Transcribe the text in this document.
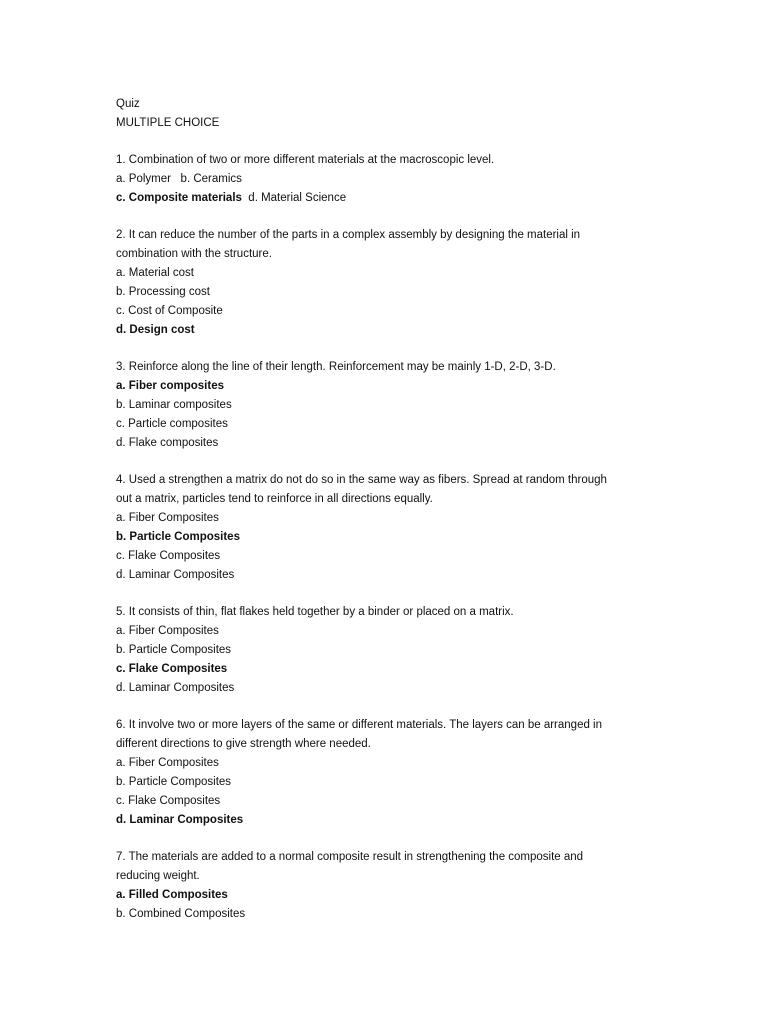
Quiz
MULTIPLE CHOICE
1. Combination of two or more different materials at the macroscopic level.
a. Polymer   b. Ceramics
c. Composite materials  d. Material Science
2. It can reduce the number of the parts in a complex assembly by designing the material in
combination with the structure.
a. Material cost
b. Processing cost
c. Cost of Composite
d. Design cost
3. Reinforce along the line of their length. Reinforcement may be mainly 1-D, 2-D, 3-D.
a. Fiber composites
b. Laminar composites
c. Particle composites
d. Flake composites
4. Used a strengthen a matrix do not do so in the same way as fibers. Spread at random through
out a matrix, particles tend to reinforce in all directions equally.
a. Fiber Composites
b. Particle Composites
c. Flake Composites
d. Laminar Composites
5. It consists of thin, flat flakes held together by a binder or placed on a matrix.
a. Fiber Composites
b. Particle Composites
c. Flake Composites
d. Laminar Composites
6. It involve two or more layers of the same or different materials. The layers can be arranged in
different directions to give strength where needed.
a. Fiber Composites
b. Particle Composites
c. Flake Composites
d. Laminar Composites
7. The materials are added to a normal composite result in strengthening the composite and
reducing weight.
a. Filled Composites
b. Combined Composites
